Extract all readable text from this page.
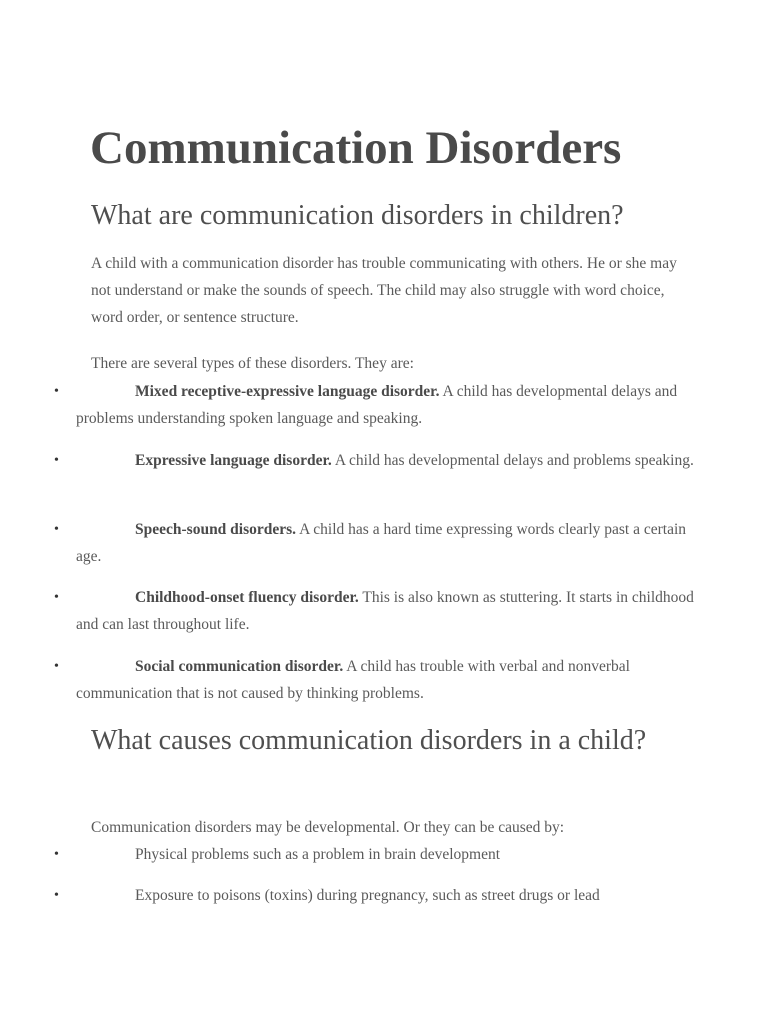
Communication Disorders
What are communication disorders in children?

A child with a communication disorder has trouble communicating with others. He or she may not understand or make the sounds of speech. The child may also struggle with word choice, word order, or sentence structure.

There are several types of these disorders. They are:

•	Mixed receptive-expressive language disorder. A child has developmental delays and problems understanding spoken language and speaking.

•	Expressive language disorder. A child has developmental delays and problems speaking.

•	Speech-sound disorders. A child has a hard time expressing words clearly past a certain age.

•	Childhood-onset fluency disorder. This is also known as stuttering. It starts in childhood and can last throughout life.

•	Social communication disorder. A child has trouble with verbal and nonverbal communication that is not caused by thinking problems.

What causes communication disorders in a child?

Communication disorders may be developmental. Or they can be caused by:

•	Physical problems such as a problem in brain development

•	Exposure to poisons (toxins) during pregnancy, such as street drugs or lead
